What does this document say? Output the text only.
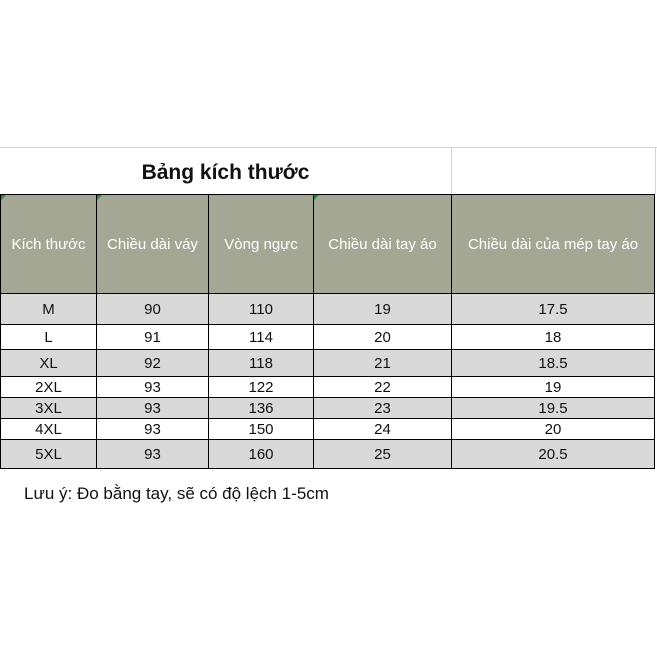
Bảng kích thước
Kích thước	Chiều dài váy	Vòng ngực	Chiều dài tay áo	Chiều dài của mép tay áo
M	90	110	19	17.5
L	91	114	20	18
XL	92	118	21	18.5
2XL	93	122	22	19
3XL	93	136	23	19.5
4XL	93	150	24	20
5XL	93	160	25	20.5
Lưu ý: Đo bằng tay, sẽ có độ lệch 1-5cm
